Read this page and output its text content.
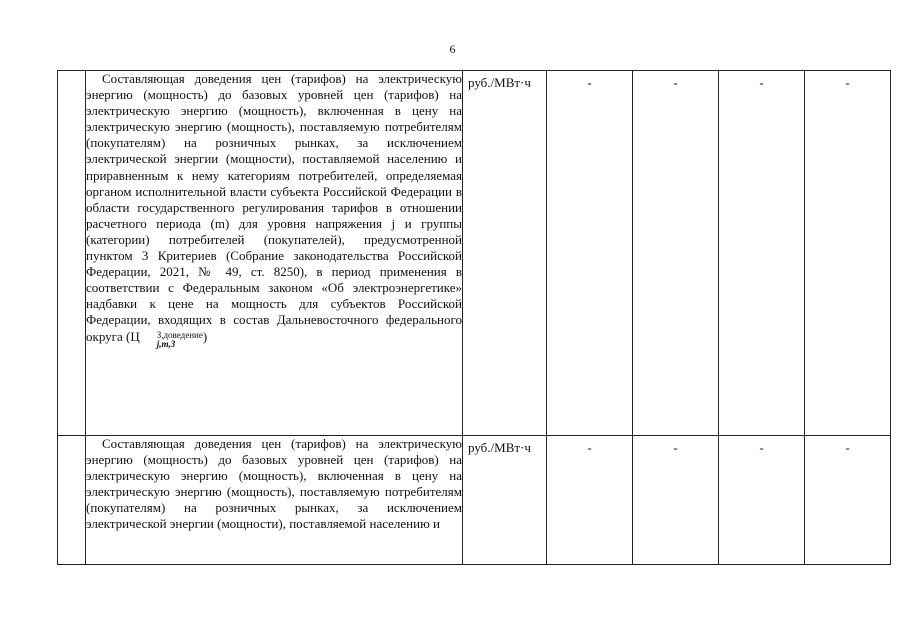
6

	Составляющая доведения цен (тарифов) на электрическую энергию (мощность) до базовых уровней цен (тарифов) на электрическую энергию (мощность), включенная в цену на электрическую энергию (мощность), поставляемую потребителям (покупателям) на розничных рынках, за исключением электрической энергии (мощности), поставляемой населению и приравненным к нему категориям потребителей, определяемая органом исполнительной власти субъекта Российской Федерации в области государственного регулирования тарифов в отношении расчетного периода (m) для уровня напряжения j и группы (категории) потребителей (покупателей), предусмотренной пунктом 3 Критериев (Собрание законодательства Российской Федерации, 2021, № 49, ст. 8250), в период применения в соответствии с Федеральным законом «Об электроэнергетике» надбавки к цене на мощность для субъектов Российской Федерации, входящих в состав Дальневосточного федерального округа (Ц З,доведение
j,m,3 )	руб./МВт·ч	-	-	-	-

	Составляющая доведения цен (тарифов) на электрическую энергию (мощность) до базовых уровней цен (тарифов) на электрическую энергию (мощность), включенная в цену на электрическую энергию (мощность), поставляемую потребителям (покупателям) на розничных рынках, за исключением электрической энергии (мощности), поставляемой населению и	руб./МВт·ч	-	-	-	-
